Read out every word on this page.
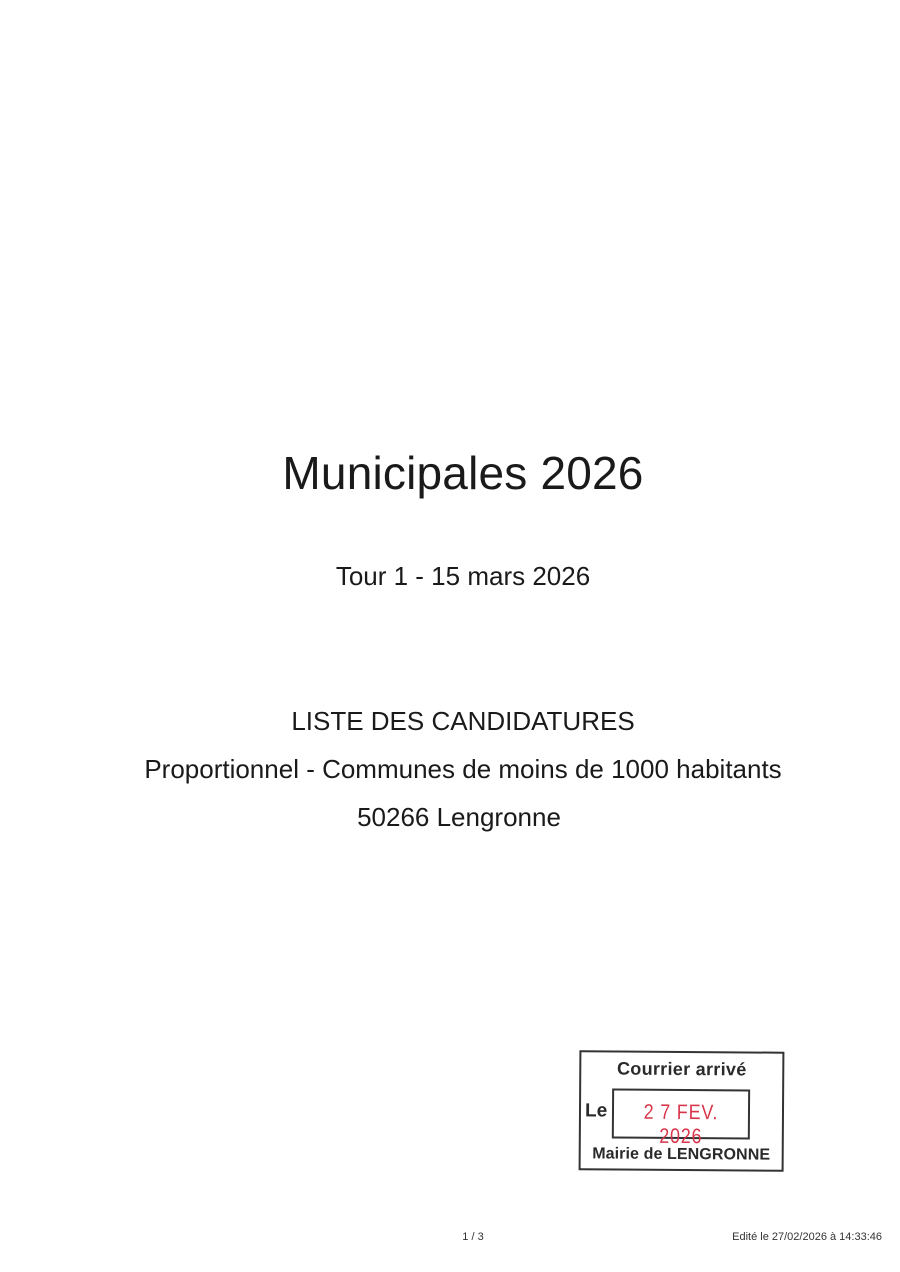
Municipales 2026
Tour 1 - 15 mars 2026
LISTE DES CANDIDATURES
Proportionnel - Communes de moins de 1000 habitants
50266 Lengronne
Courrier arrivé
Le	2 7 FEV. 2026
Mairie de LENGRONNE
1 / 3	Edité le 27/02/2026 à 14:33:46
